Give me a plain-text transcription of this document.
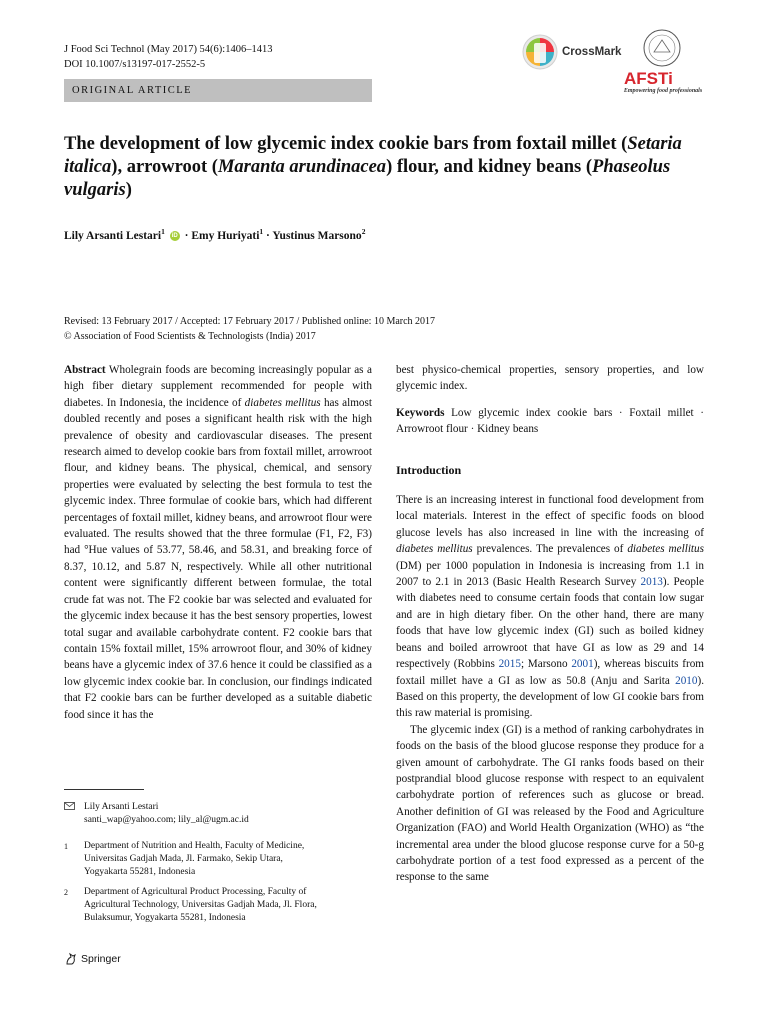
J Food Sci Technol (May 2017) 54(6):1406–1413
DOI 10.1007/s13197-017-2552-5
ORIGINAL ARTICLE
CrossMark
AFSTi
Empowering food professionals
The development of low glycemic index cookie bars from foxtail millet (Setaria italica), arrowroot (Maranta arundinacea) flour, and kidney beans (Phaseolus vulgaris)
Lily Arsanti Lestari$^1$ iD · Emy Huriyati$^1$ · Yustinus Marsono$^2$
Revised: 13 February 2017 / Accepted: 17 February 2017 / Published online: 10 March 2017
© Association of Food Scientists & Technologists (India) 2017

Abstract Wholegrain foods are becoming increasingly popular as a high fiber dietary supplement recommended for people with diabetes. In Indonesia, the incidence of diabetes mellitus has almost doubled recently and poses a significant health risk with the high prevalence of obesity and cardiovascular diseases. The present research aimed to develop cookie bars from foxtail millet, arrowroot flour, and kidney beans. The physical, chemical, and sensory properties were evaluated by selecting the best formula to test the glycemic index. Three formulae of cookie bars, which had different percentages of foxtail millet, kidney beans, and arrowroot flour were evaluated. The results showed that the three formulae (F1, F2, F3) had °Hue values of 53.77, 58.46, and 58.31, and breaking force of 8.37, 10.12, and 5.87 N, respectively. While all other nutritional content were significantly different between formulae, the total crude fat was not. The F2 cookie bar was selected and evaluated for the glycemic index because it has the best sensory properties, lowest total sugar and available carbohydrate content. F2 cookie bars that contain 15% foxtail millet, 15% arrowroot flour, and 30% of kidney beans have a glycemic index of 37.6 hence it could be classified as a low glycemic index cookie bar. In conclusion, our findings indicated that F2 cookie bars can be further developed as a suitable diabetic food since it has the

best physico-chemical properties, sensory properties, and low glycemic index.

Keywords Low glycemic index cookie bars · Foxtail millet · Arrowroot flour · Kidney beans

Introduction

There is an increasing interest in functional food development from local materials. Interest in the effect of specific foods on blood glucose levels has also increased in line with the increasing of diabetes mellitus prevalences. The prevalences of diabetes mellitus (DM) per 1000 population in Indonesia is increasing from 1.1 in 2007 to 2.1 in 2013 (Basic Health Research Survey 2013). People with diabetes need to consume certain foods that contain low sugar and are in high dietary fiber. On the other hand, there are many foods that have low glycemic index (GI) such as boiled kidney beans and boiled arrowroot that have GI as low as 29 and 14 respectively (Robbins 2015; Marsono 2001), whereas biscuits from foxtail millet have a GI as low as 50.8 (Anju and Sarita 2010). Based on this property, the development of low GI cookie bars from this raw material is promising.

The glycemic index (GI) is a method of ranking carbohydrates in foods on the basis of the blood glucose response they produce for a given amount of carbohydrate. The GI ranks foods based on their postprandial blood glucose response with respect to an equivalent carbohydrate portion of references such as glucose or bread. Another definition of GI was released by the Food and Agriculture Organization (FAO) and World Health Organization (WHO) as “the incremental area under the blood glucose response curve for a 50-g carbohydrate portion of a test food expressed as a percent of the response to the same

Lily Arsanti Lestari
santi_wap@yahoo.com; lily_al@ugm.ac.id
1	Department of Nutrition and Health, Faculty of Medicine,
Universitas Gadjah Mada, Jl. Farmako, Sekip Utara,
Yogyakarta 55281, Indonesia
2	Department of Agricultural Product Processing, Faculty of
Agricultural Technology, Universitas Gadjah Mada, Jl. Flora,
Bulaksumur, Yogyakarta 55281, Indonesia
Springer
